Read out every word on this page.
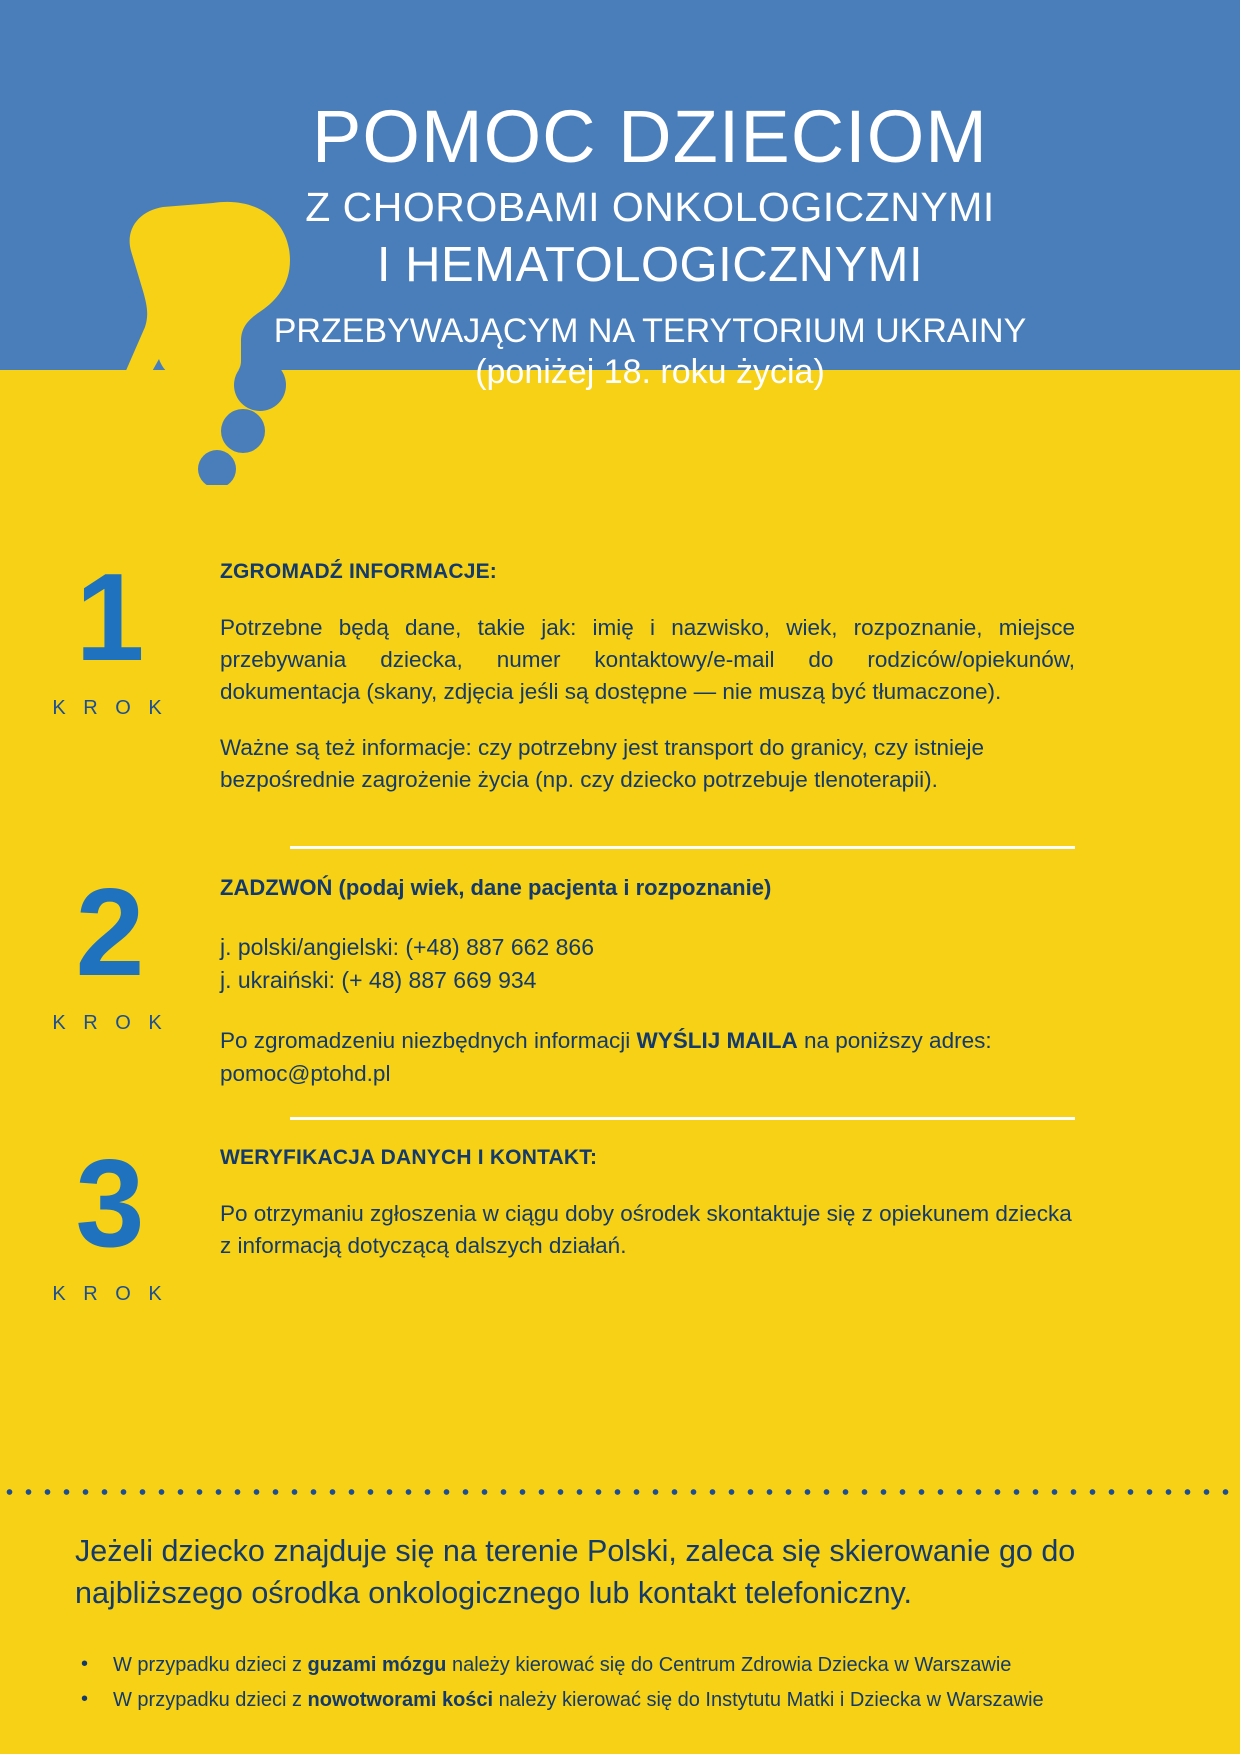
POMOC DZIECIOM
Z CHOROBAMI ONKOLOGICZNYMI
I HEMATOLOGICZNYMI
PRZEBYWAJĄCYM NA TERYTORIUM UKRAINY
(poniżej 18. roku życia)
1
K R O K
ZGROMADŹ INFORMACJE:

Potrzebne będą dane, takie jak: imię i nazwisko, wiek, rozpoznanie, miejsce przebywania dziecka, numer kontaktowy/e-mail do rodziców/opiekunów, dokumentacja (skany, zdjęcia jeśli są dostępne — nie muszą być tłumaczone).

Ważne są też informacje: czy potrzebny jest transport do granicy, czy istnieje bezpośrednie zagrożenie życia (np. czy dziecko potrzebuje tlenoterapii).

2
K R O K
ZADZWOŃ (podaj wiek, dane pacjenta i rozpoznanie)
j. polski/angielski: (+48) 887 662 866
j. ukraiński: (+ 48) 887 669 934
Po zgromadzeniu niezbędnych informacji WYŚLIJ MAILA na poniższy adres:
pomoc@ptohd.pl
3
K R O K
WERYFIKACJA DANYCH I KONTAKT:

Po otrzymaniu zgłoszenia w ciągu doby ośrodek skontaktuje się z opiekunem dziecka z informacją dotyczącą dalszych działań.

Jeżeli dziecko znajduje się na terenie Polski, zaleca się skierowanie go do najbliższego ośrodka onkologicznego lub kontakt telefoniczny.
• W przypadku dzieci z guzami mózgu należy kierować się do Centrum Zdrowia Dziecka w Warszawie
• W przypadku dzieci z nowotworami kości należy kierować się do Instytutu Matki i Dziecka w Warszawie
